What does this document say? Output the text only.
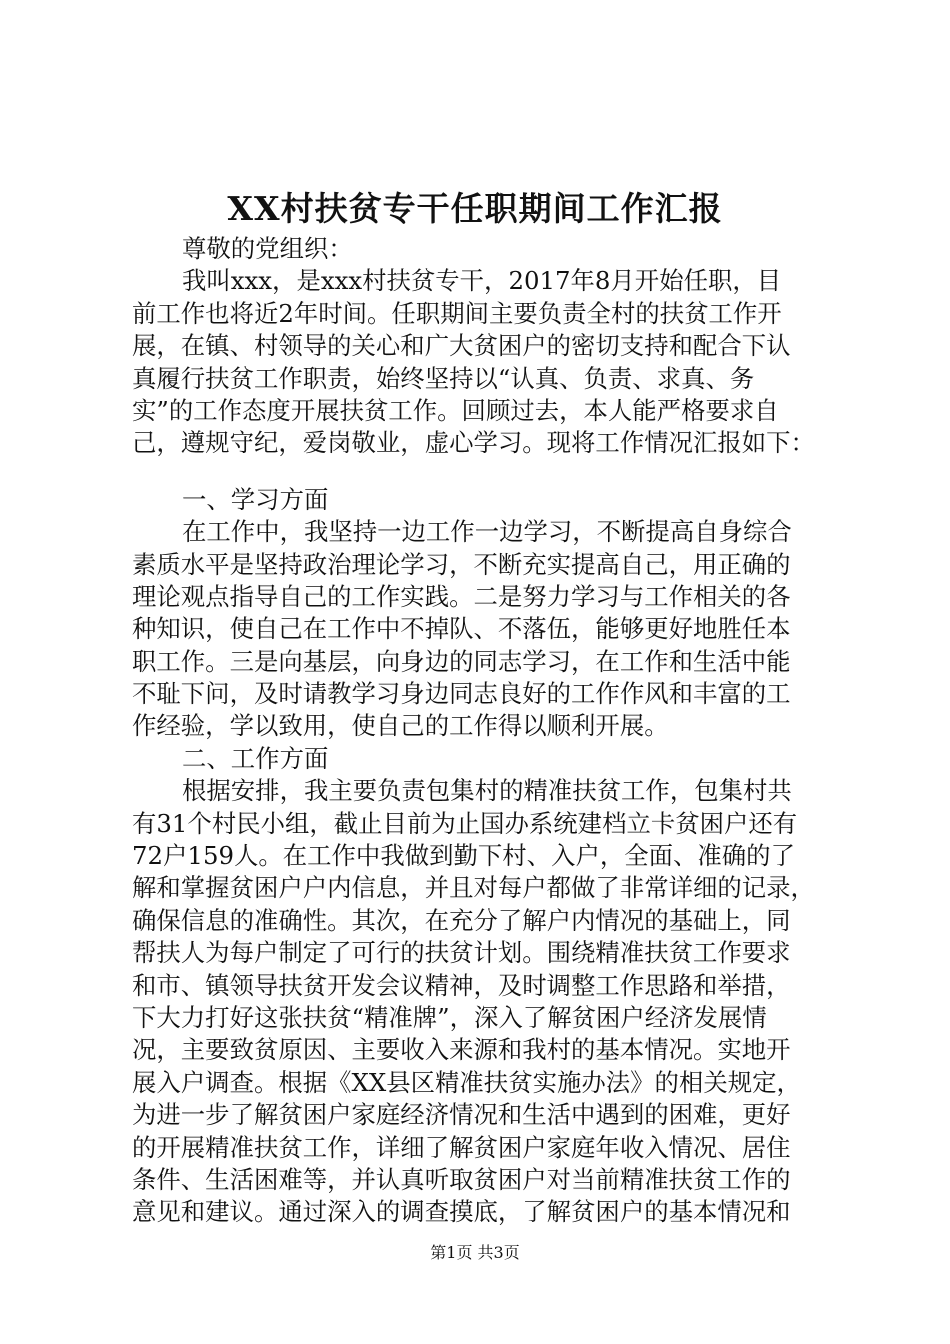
XX村扶贫专干任职期间工作汇报
尊敬的党组织：
我叫xxx，是xxx村扶贫专干，2017年8月开始任职，目
前工作也将近2年时间。任职期间主要负责全村的扶贫工作开
展，在镇、村领导的关心和广大贫困户的密切支持和配合下认
真履行扶贫工作职责，始终坚持以“认真、负责、求真、务
实”的工作态度开展扶贫工作。回顾过去，本人能严格要求自
己，遵规守纪，爱岗敬业，虚心学习。现将工作情况汇报如下：
一、学习方面
在工作中，我坚持一边工作一边学习，不断提高自身综合
素质水平是坚持政治理论学习，不断充实提高自己，用正确的
理论观点指导自己的工作实践。二是努力学习与工作相关的各
种知识，使自己在工作中不掉队、不落伍，能够更好地胜任本
职工作。三是向基层，向身边的同志学习，在工作和生活中能
不耻下问，及时请教学习身边同志良好的工作作风和丰富的工
作经验，学以致用，使自己的工作得以顺利开展。
二、工作方面
根据安排，我主要负责包集村的精准扶贫工作，包集村共
有31个村民小组，截止目前为止国办系统建档立卡贫困户还有
72户159人。在工作中我做到勤下村、入户，全面、准确的了
解和掌握贫困户户内信息，并且对每户都做了非常详细的记录，
确保信息的准确性。其次，在充分了解户内情况的基础上，同
帮扶人为每户制定了可行的扶贫计划。围绕精准扶贫工作要求
和市、镇领导扶贫开发会议精神，及时调整工作思路和举措，
下大力打好这张扶贫“精准牌”，深入了解贫困户经济发展情
况，主要致贫原因、主要收入来源和我村的基本情况。实地开
展入户调查。根据《XX县区精准扶贫实施办法》的相关规定，
为进一步了解贫困户家庭经济情况和生活中遇到的困难，更好
的开展精准扶贫工作，详细了解贫困户家庭年收入情况、居住
条件、生活困难等，并认真听取贫困户对当前精准扶贫工作的
意见和建议。通过深入的调查摸底，了解贫困户的基本情况和
第1页 共3页
